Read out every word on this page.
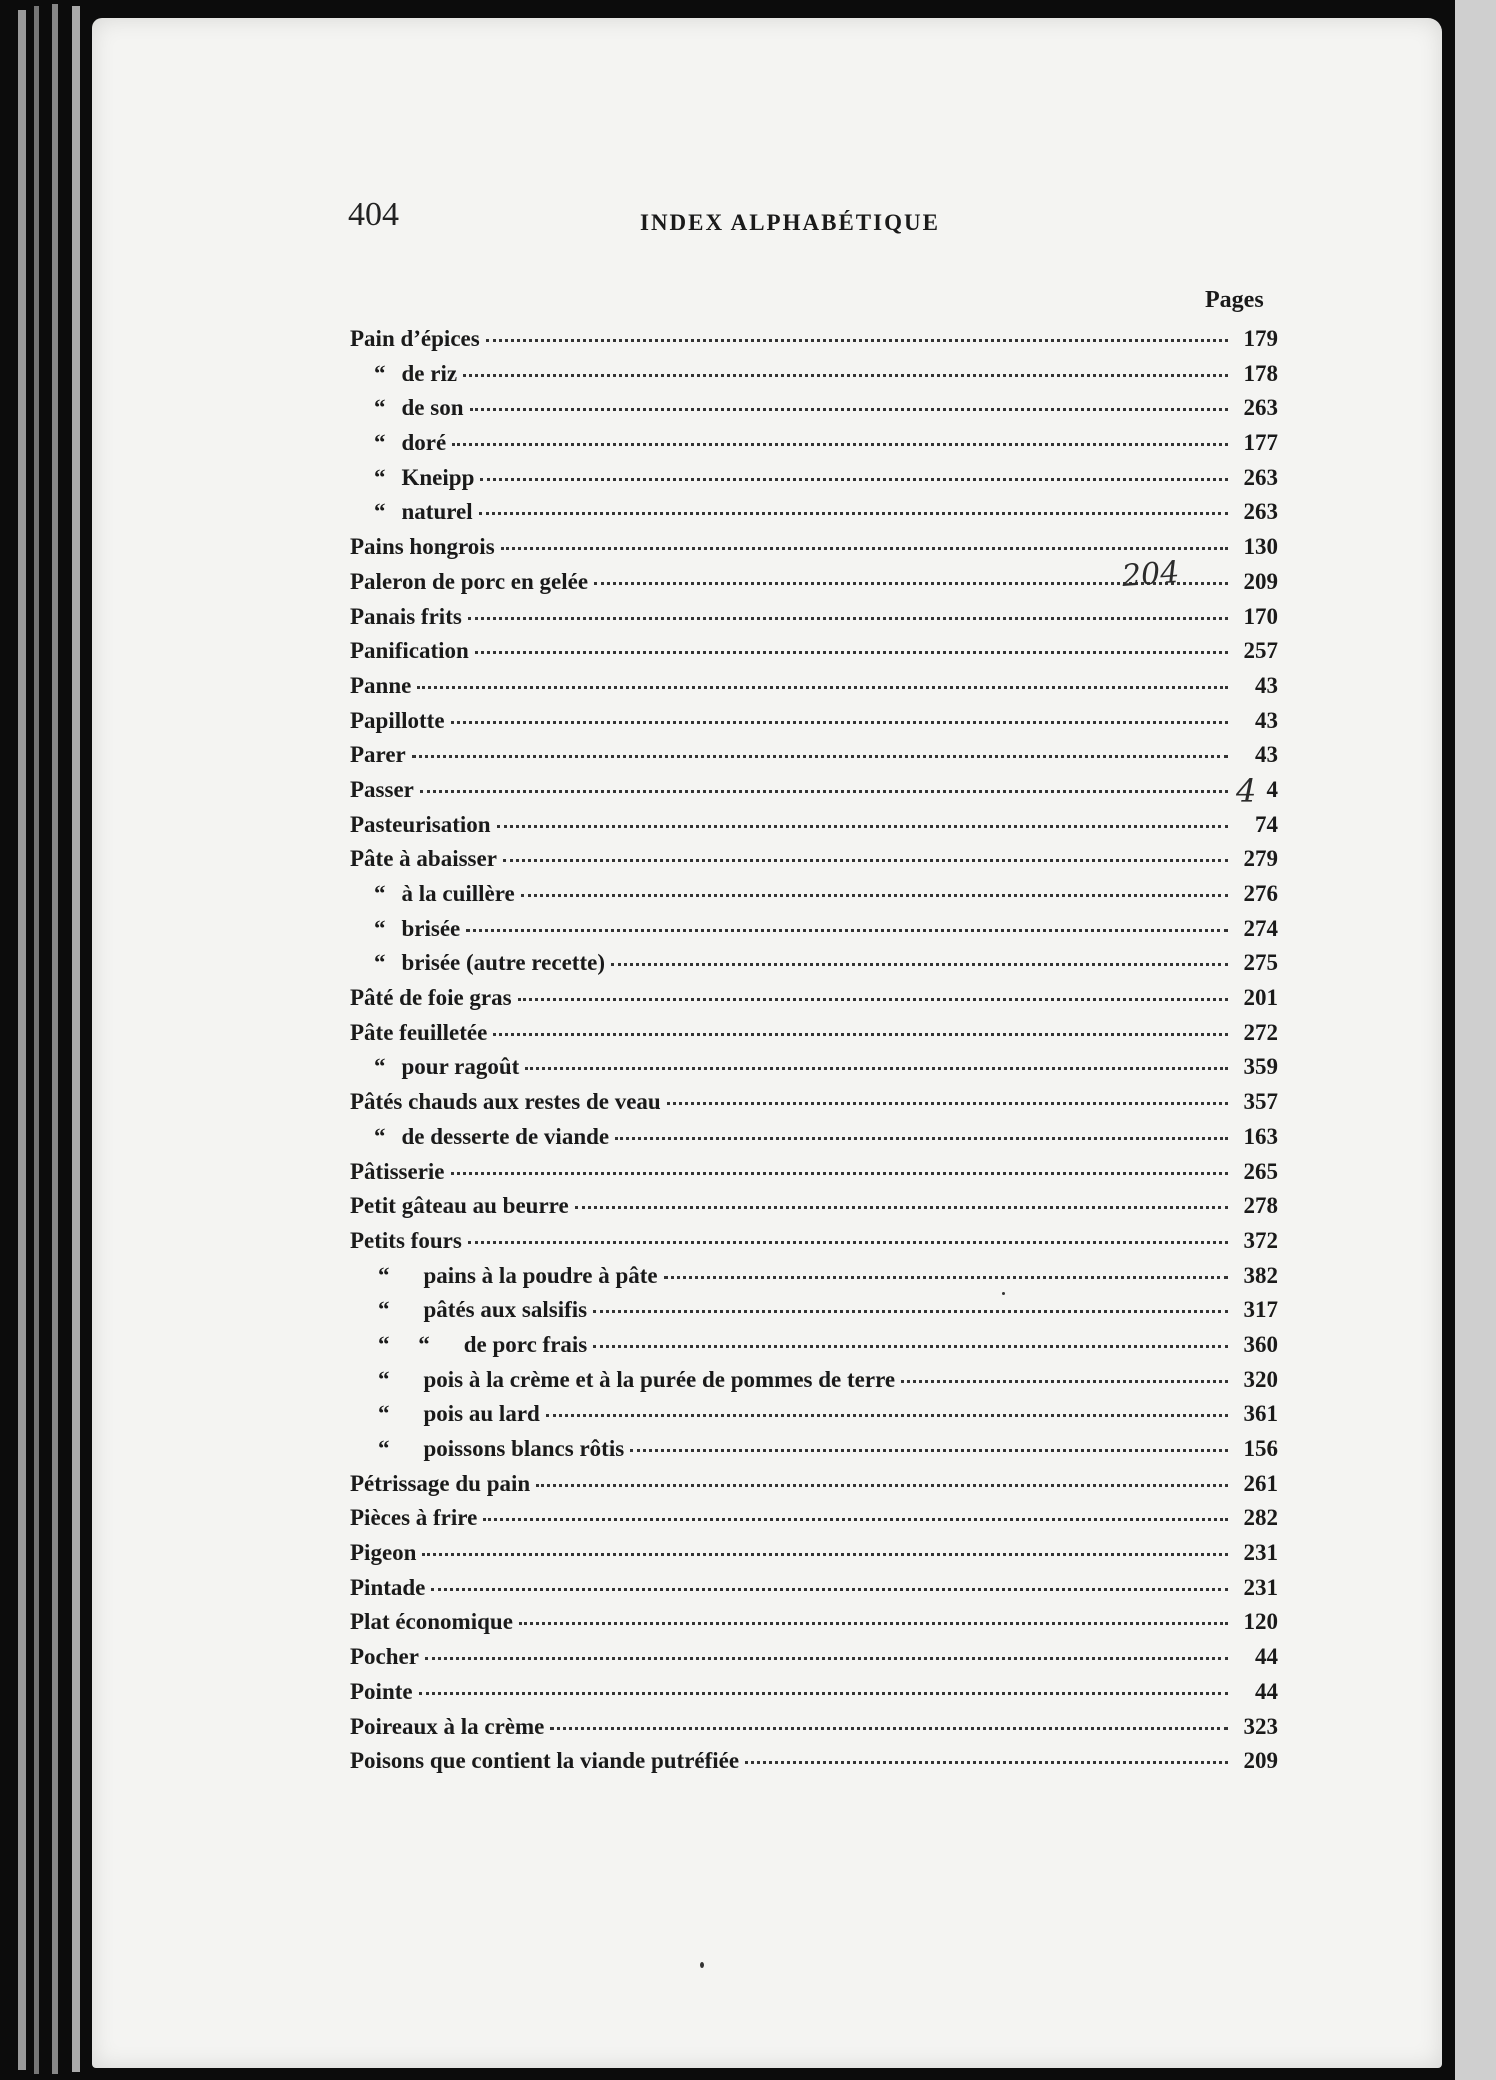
404	INDEX ALPHABÉTIQUE
Pages
Pain d’épices	179
“ de riz	178
“ de son	263
“ doré	177
“ Kneipp	263
“ naturel	263
Pains hongrois	130
Paleron de porc en gelée	209
Panais frits	170
Panification	257
Panne	43
Papillotte	43
Parer	43
Passer	4
Pasteurisation	74
Pâte à abaisser	279
“ à la cuillère	276
“ brisée	274
“ brisée (autre recette)	275
Pâté de foie gras	201
Pâte feuilletée	272
“ pour ragoût	359
Pâtés chauds aux restes de veau	357
“ de desserte de viande	163
Pâtisserie	265
Petit gâteau au beurre	278
Petits fours	372
“	pains à la poudre à pâte	382
“	pâtés aux salsifis	317
“     “	de porc frais	360
“	pois à la crème et à la purée de pommes de terre	320
“	pois au lard	361
“	poissons blancs rôtis	156
Pétrissage du pain	261
Pièces à frire	282
Pigeon	231
Pintade	231
Plat économique	120
Pocher	44
Pointe	44
Poireaux à la crème	323
Poisons que contient la viande putréfiée	209
204
4
